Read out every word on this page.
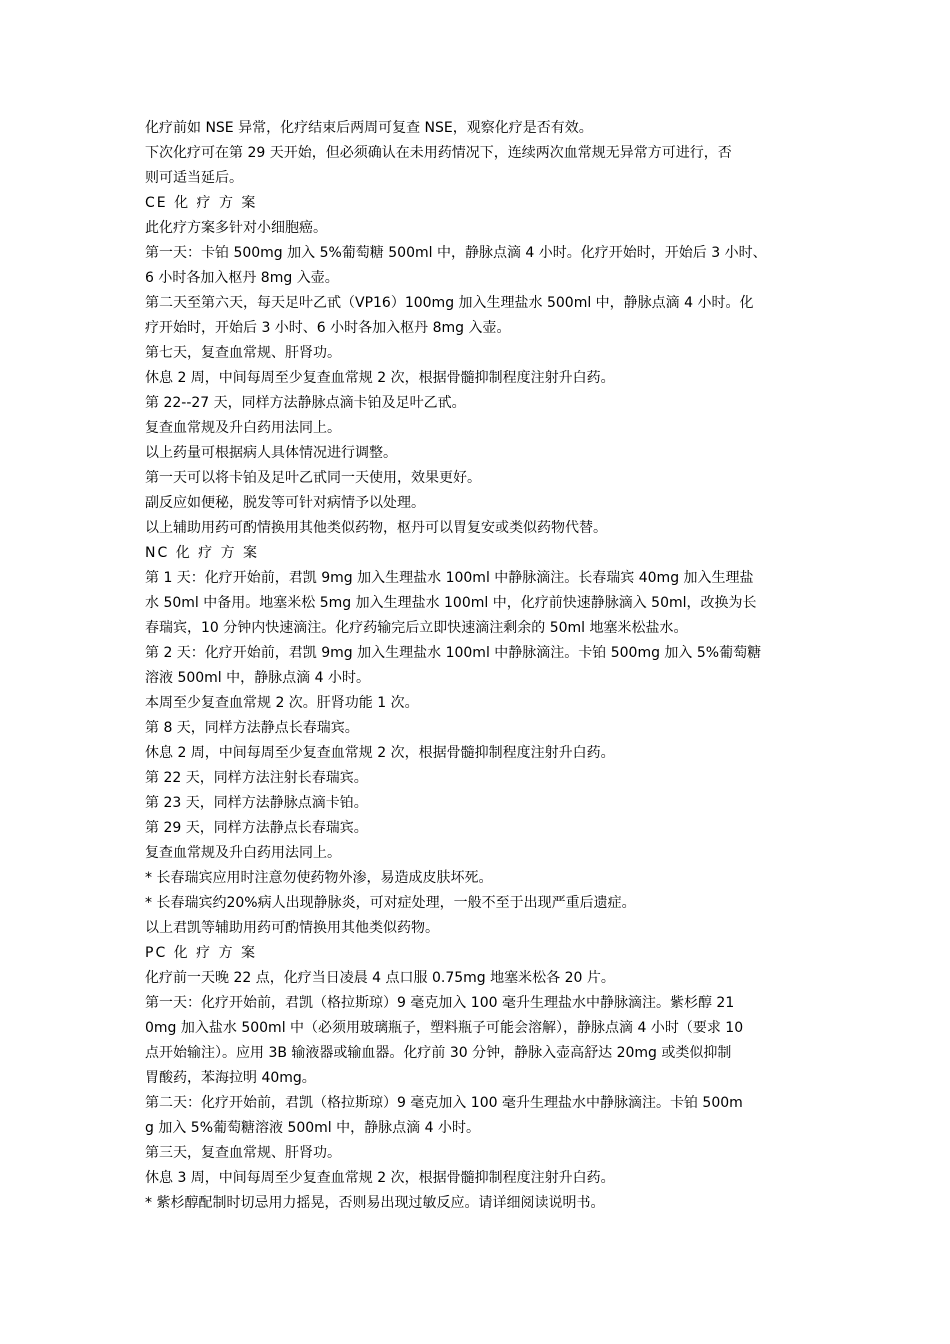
化疗前如 NSE 异常，化疗结束后两周可复查 NSE，观察化疗是否有效。

下次化疗可在第 29 天开始，但必须确认在未用药情况下，连续两次血常规无异常方可进行，否

则可适当延后。

CE 化 疗 方 案

此化疗方案多针对小细胞癌。

第一天：卡铂 500mg 加入 5%葡萄糖 500ml 中，静脉点滴 4 小时。化疗开始时，开始后 3 小时、

6 小时各加入枢丹 8mg 入壶。

第二天至第六天，每天足叶乙甙（VP16）100mg 加入生理盐水 500ml 中，静脉点滴 4 小时。化

疗开始时，开始后 3 小时、6 小时各加入枢丹 8mg 入壶。

第七天，复查血常规、肝肾功。

休息 2 周，中间每周至少复查血常规 2 次，根据骨髓抑制程度注射升白药。

第 22--27 天，同样方法静脉点滴卡铂及足叶乙甙。

复查血常规及升白药用法同上。

以上药量可根据病人具体情况进行调整。

第一天可以将卡铂及足叶乙甙同一天使用，效果更好。

副反应如便秘，脱发等可针对病情予以处理。

以上辅助用药可酌情换用其他类似药物，枢丹可以胃复安或类似药物代替。

NC 化 疗 方 案

第 1 天：化疗开始前，君凯 9mg 加入生理盐水 100ml 中静脉滴注。长春瑞宾 40mg 加入生理盐

水 50ml 中备用。地塞米松 5mg 加入生理盐水 100ml 中，化疗前快速静脉滴入 50ml，改换为长

春瑞宾，10 分钟内快速滴注。化疗药输完后立即快速滴注剩余的 50ml 地塞米松盐水。

第 2 天：化疗开始前，君凯 9mg 加入生理盐水 100ml 中静脉滴注。卡铂 500mg 加入 5%葡萄糖

溶液 500ml 中，静脉点滴 4 小时。

本周至少复查血常规 2 次。肝肾功能 1 次。

第 8 天，同样方法静点长春瑞宾。

休息 2 周，中间每周至少复查血常规 2 次，根据骨髓抑制程度注射升白药。

第 22 天，同样方法注射长春瑞宾。

第 23 天，同样方法静脉点滴卡铂。

第 29 天，同样方法静点长春瑞宾。

复查血常规及升白药用法同上。

* 长春瑞宾应用时注意勿使药物外渗，易造成皮肤坏死。

* 长春瑞宾约20%病人出现静脉炎，可对症处理，一般不至于出现严重后遗症。

以上君凯等辅助用药可酌情换用其他类似药物。

PC 化 疗 方 案

化疗前一天晚 22 点，化疗当日凌晨 4 点口服 0.75mg 地塞米松各 20 片。

第一天：化疗开始前，君凯（格拉斯琼）9 毫克加入 100 毫升生理盐水中静脉滴注。紫杉醇 21

0mg 加入盐水 500ml 中（必须用玻璃瓶子，塑料瓶子可能会溶解），静脉点滴 4 小时（要求 10

点开始输注）。应用 3B 输液器或输血器。化疗前 30 分钟，静脉入壶高舒达 20mg 或类似抑制

胃酸药，苯海拉明 40mg。

第二天：化疗开始前，君凯（格拉斯琼）9 毫克加入 100 毫升生理盐水中静脉滴注。卡铂 500m

g 加入 5%葡萄糖溶液 500ml 中，静脉点滴 4 小时。

第三天，复查血常规、肝肾功。

休息 3 周，中间每周至少复查血常规 2 次，根据骨髓抑制程度注射升白药。

* 紫杉醇配制时切忌用力摇晃，否则易出现过敏反应。请详细阅读说明书。
